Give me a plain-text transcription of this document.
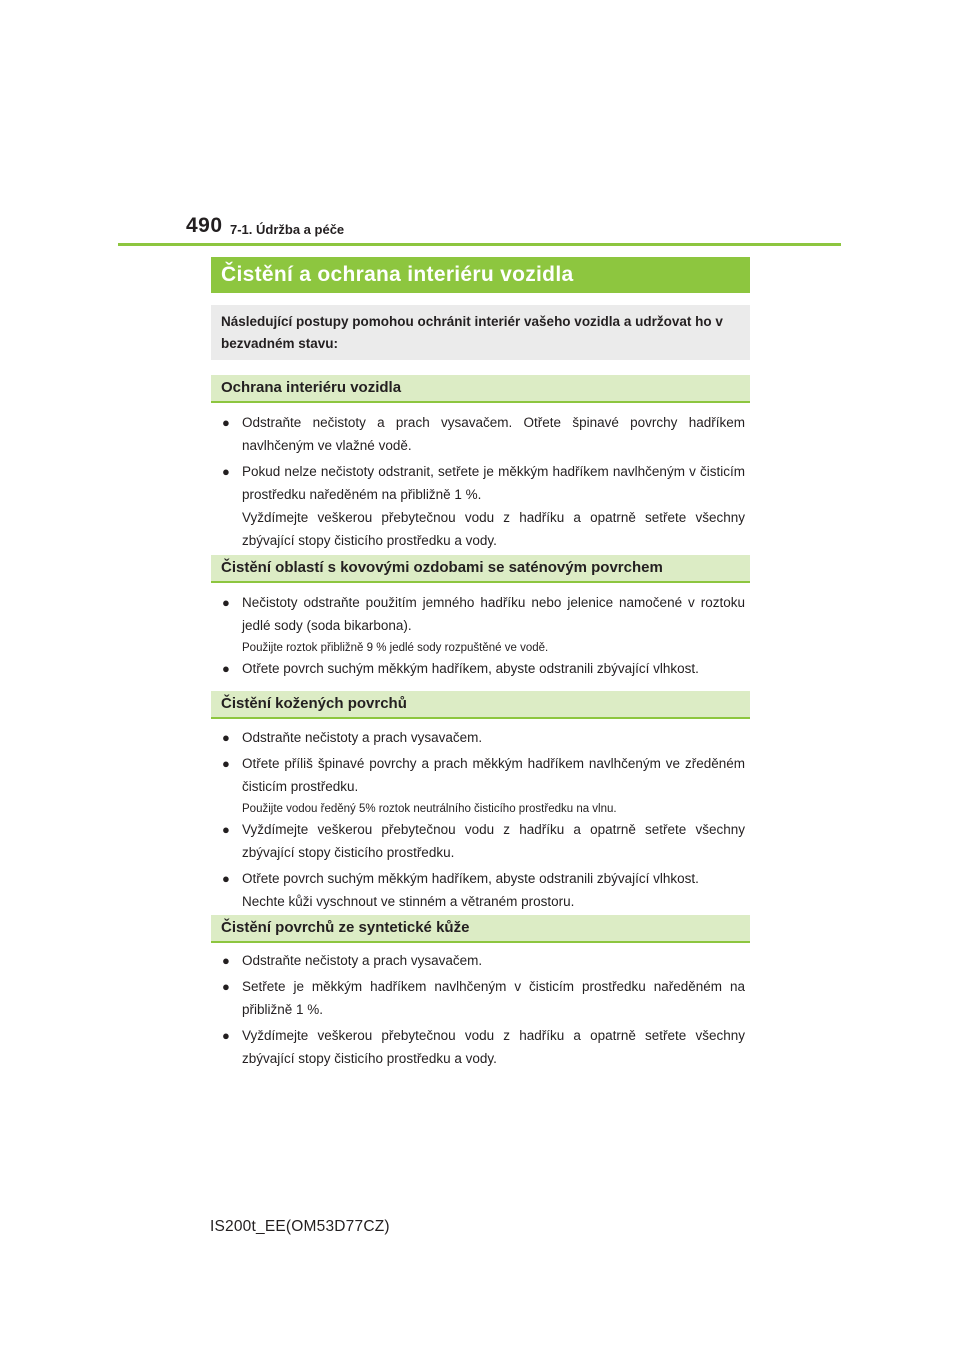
490 7-1. Údržba a péče
Čistění a ochrana interiéru vozidla
Následující postupy pomohou ochránit interiér vašeho vozidla a udržovat ho v bezvadném stavu:
Ochrana interiéru vozidla
● Odstraňte nečistoty a prach vysavačem. Otřete špinavé povrchy hadříkem navlhčeným ve vlažné vodě.
● Pokud nelze nečistoty odstranit, setřete je měkkým hadříkem navlhčeným v čisticím prostředku naředěném na přibližně 1 %.
Vyždímejte veškerou přebytečnou vodu z hadříku a opatrně setřete všechny zbývající stopy čisticího prostředku a vody.
Čistění oblastí s kovovými ozdobami se saténovým povrchem
● Nečistoty odstraňte použitím jemného hadříku nebo jelenice namočené v roztoku jedlé sody (soda bikarbona).
Použijte roztok přibližně 9 % jedlé sody rozpuštěné ve vodě.
● Otřete povrch suchým měkkým hadříkem, abyste odstranili zbývající vlhkost.
Čistění kožených povrchů
● Odstraňte nečistoty a prach vysavačem.
● Otřete příliš špinavé povrchy a prach měkkým hadříkem navlhčeným ve zředěném čisticím prostředku.
Použijte vodou ředěný 5% roztok neutrálního čisticího prostředku na vlnu.
● Vyždímejte veškerou přebytečnou vodu z hadříku a opatrně setřete všechny zbývající stopy čisticího prostředku.
● Otřete povrch suchým měkkým hadříkem, abyste odstranili zbývající vlhkost.
Nechte kůži vyschnout ve stinném a větraném prostoru.
Čistění povrchů ze syntetické kůže
● Odstraňte nečistoty a prach vysavačem.
● Setřete je měkkým hadříkem navlhčeným v čisticím prostředku naředěném na přibližně 1 %.
● Vyždímejte veškerou přebytečnou vodu z hadříku a opatrně setřete všechny zbývající stopy čisticího prostředku a vody.
IS200t_EE(OM53D77CZ)
